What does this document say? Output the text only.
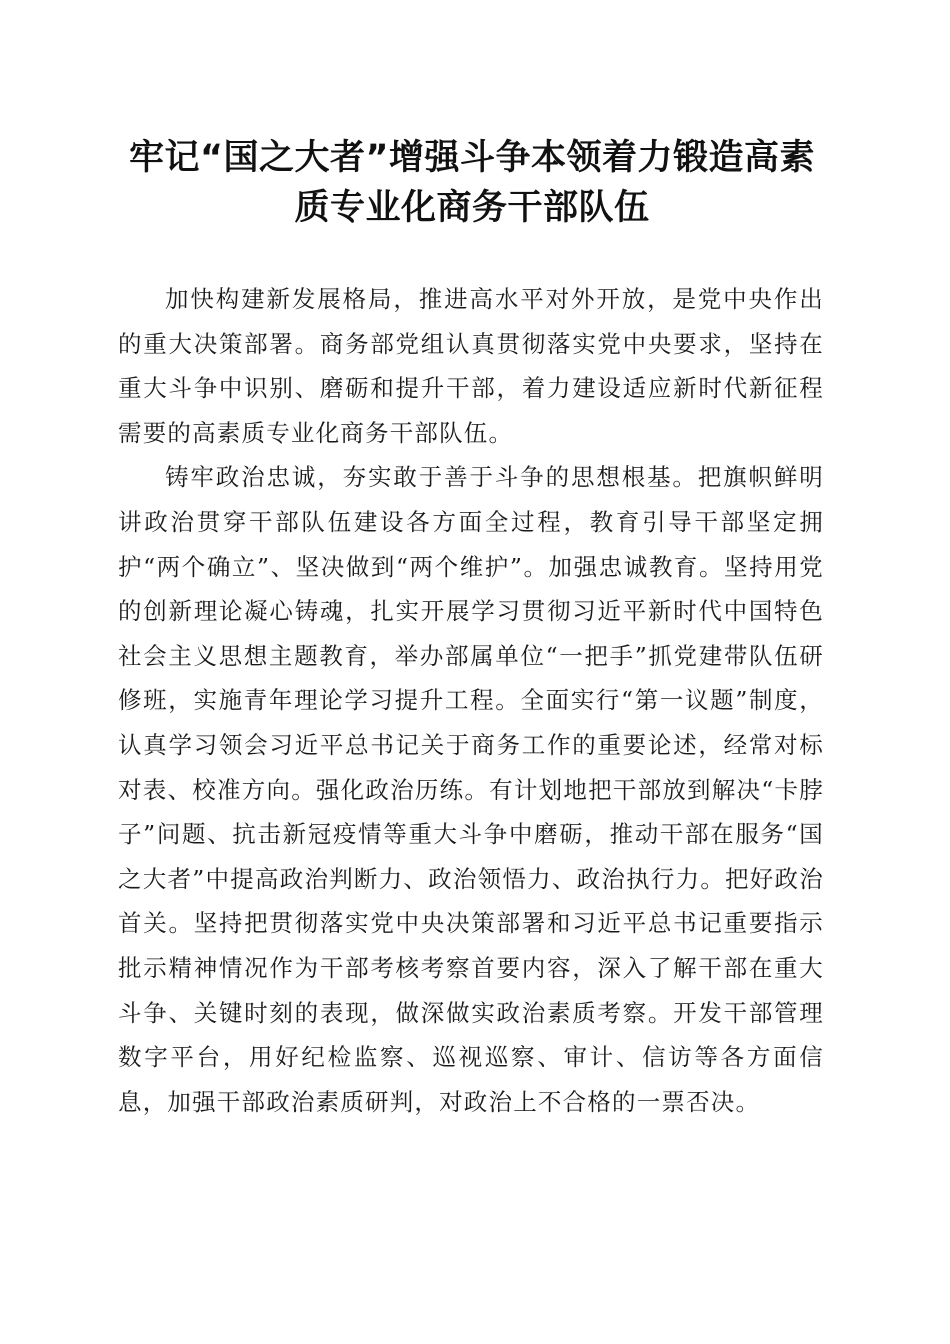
牢记“国之大者”增强斗争本领着力锻造高素
质专业化商务干部队伍

加快构建新发展格局，推进高水平对外开放，是党中央作出的重大决策部署。商务部党组认真贯彻落实党中央要求，坚持在重大斗争中识别、磨砺和提升干部，着力建设适应新时代新征程需要的高素质专业化商务干部队伍。

铸牢政治忠诚，夯实敢于善于斗争的思想根基。把旗帜鲜明讲政治贯穿干部队伍建设各方面全过程，教育引导干部坚定拥护“两个确立”、坚决做到“两个维护”。加强忠诚教育。坚持用党的创新理论凝心铸魂，扎实开展学习贯彻习近平新时代中国特色社会主义思想主题教育，举办部属单位“一把手”抓党建带队伍研修班，实施青年理论学习提升工程。全面实行“第一议题”制度，认真学习领会习近平总书记关于商务工作的重要论述，经常对标对表、校准方向。强化政治历练。有计划地把干部放到解决“卡脖子”问题、抗击新冠疫情等重大斗争中磨砺，推动干部在服务“国之大者”中提高政治判断力、政治领悟力、政治执行力。把好政治首关。坚持把贯彻落实党中央决策部署和习近平总书记重要指示批示精神情况作为干部考核考察首要内容，深入了解干部在重大斗争、关键时刻的表现，做深做实政治素质考察。开发干部管理数字平台，用好纪检监察、巡视巡察、审计、信访等各方面信息，加强干部政治素质研判，对政治上不合格的一票否决。
